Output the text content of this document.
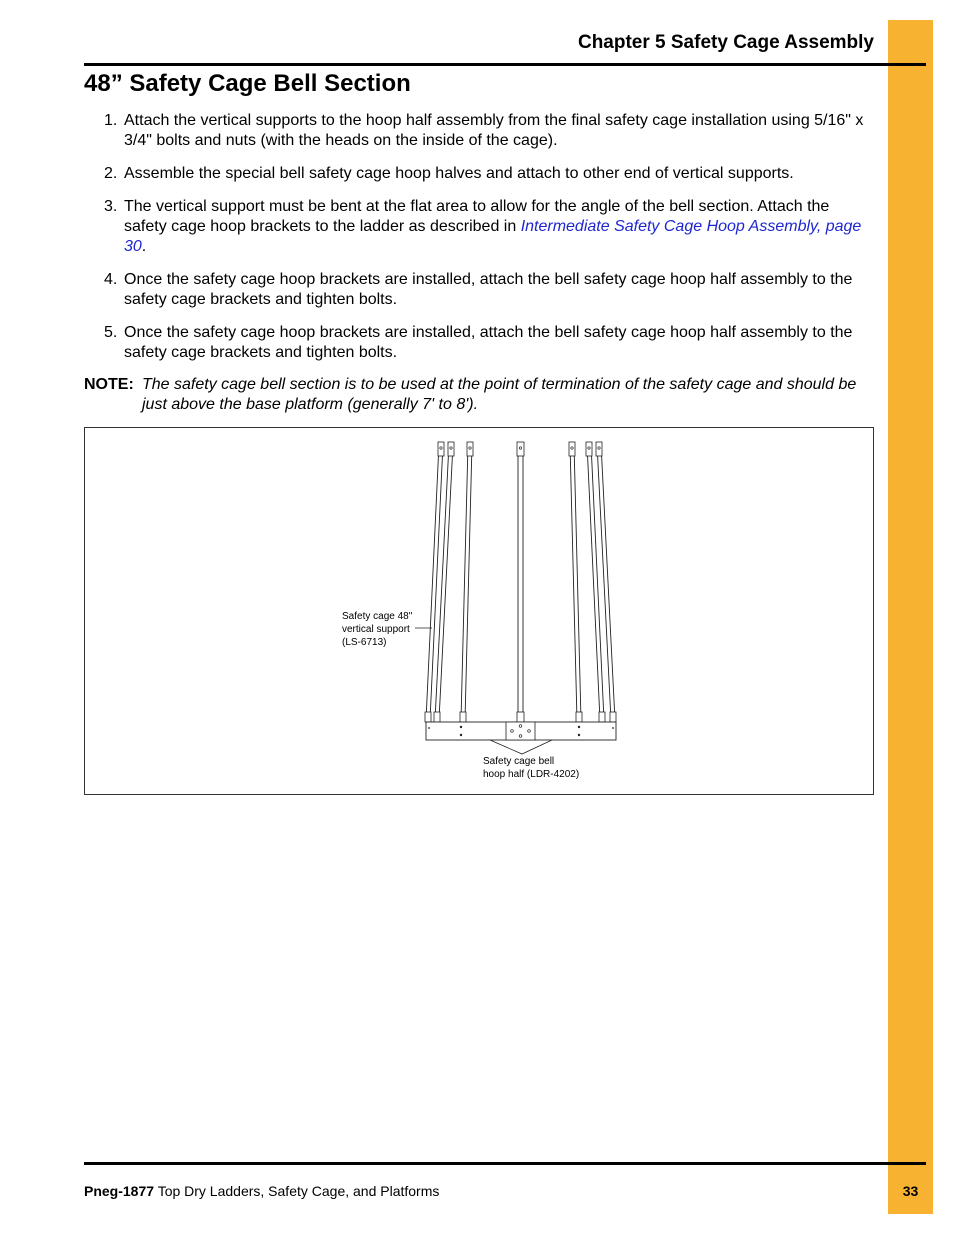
Chapter 5 Safety Cage Assembly
48” Safety Cage Bell Section
1. Attach the vertical supports to the hoop half assembly from the final safety cage installation using 5/16" x 3/4" bolts and nuts (with the heads on the inside of the cage).
2. Assemble the special bell safety cage hoop halves and attach to other end of vertical supports.
3. The vertical support must be bent at the flat area to allow for the angle of the bell section. Attach the safety cage hoop brackets to the ladder as described in Intermediate Safety Cage Hoop Assembly, page 30.
4. Once the safety cage hoop brackets are installed, attach the bell safety cage hoop half assembly to the safety cage brackets and tighten bolts.
5. Once the safety cage hoop brackets are installed, attach the bell safety cage hoop half assembly to the safety cage brackets and tighten bolts.
NOTE: The safety cage bell section is to be used at the point of termination of the safety cage and should be just above the base platform (generally 7' to 8').
Safety cage 48"
vertical support
(LS-6713)
Safety cage bell
hoop half (LDR-4202)
Pneg-1877 Top Dry Ladders, Safety Cage, and Platforms	33
